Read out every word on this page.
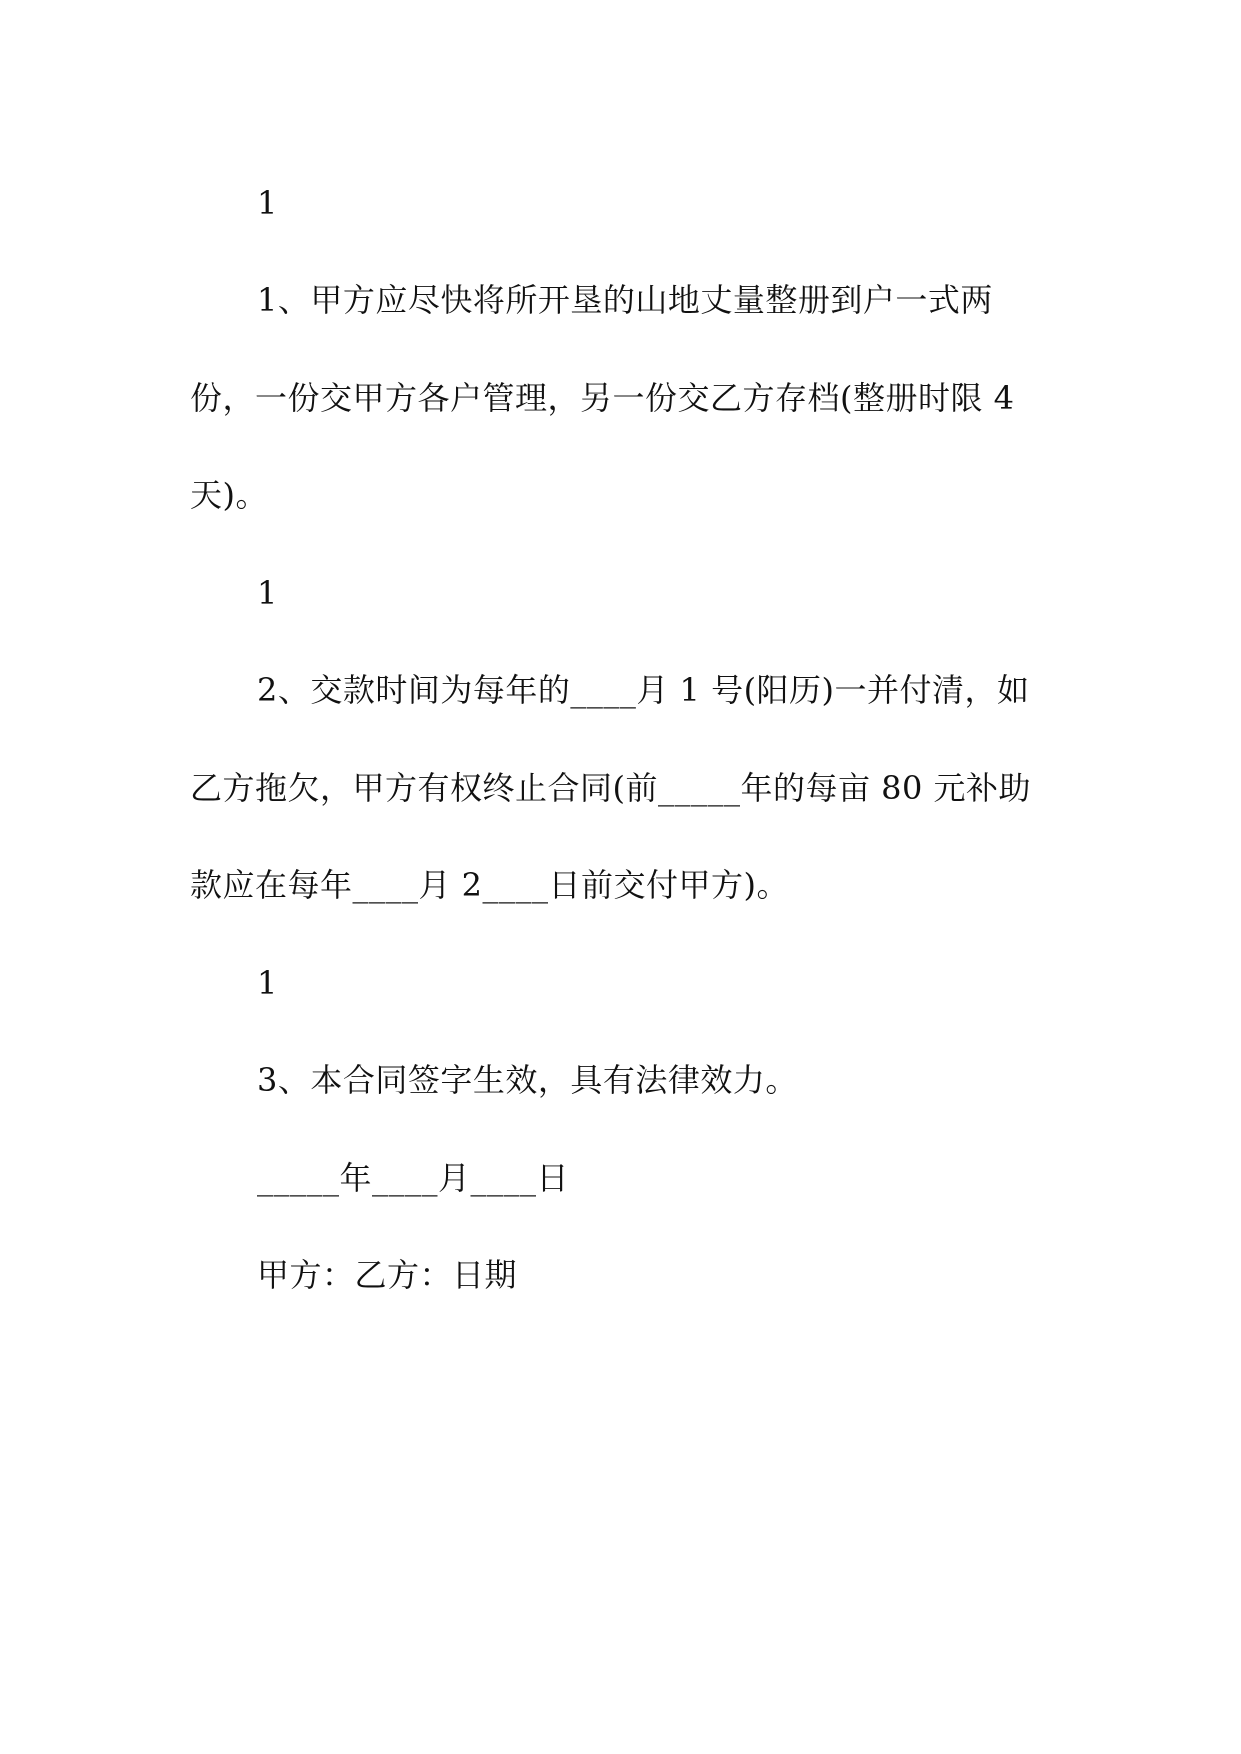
1
1、甲方应尽快将所开垦的山地丈量整册到户一式两
份，一份交甲方各户管理，另一份交乙方存档(整册时限 4
天)。
1
2、交款时间为每年的____月 1 号(阳历)一并付清，如
乙方拖欠，甲方有权终止合同(前_____年的每亩 80 元补助
款应在每年____月 2____日前交付甲方)。
1
3、本合同签字生效，具有法律效力。
_____年____月____日
甲方：乙方：日期
